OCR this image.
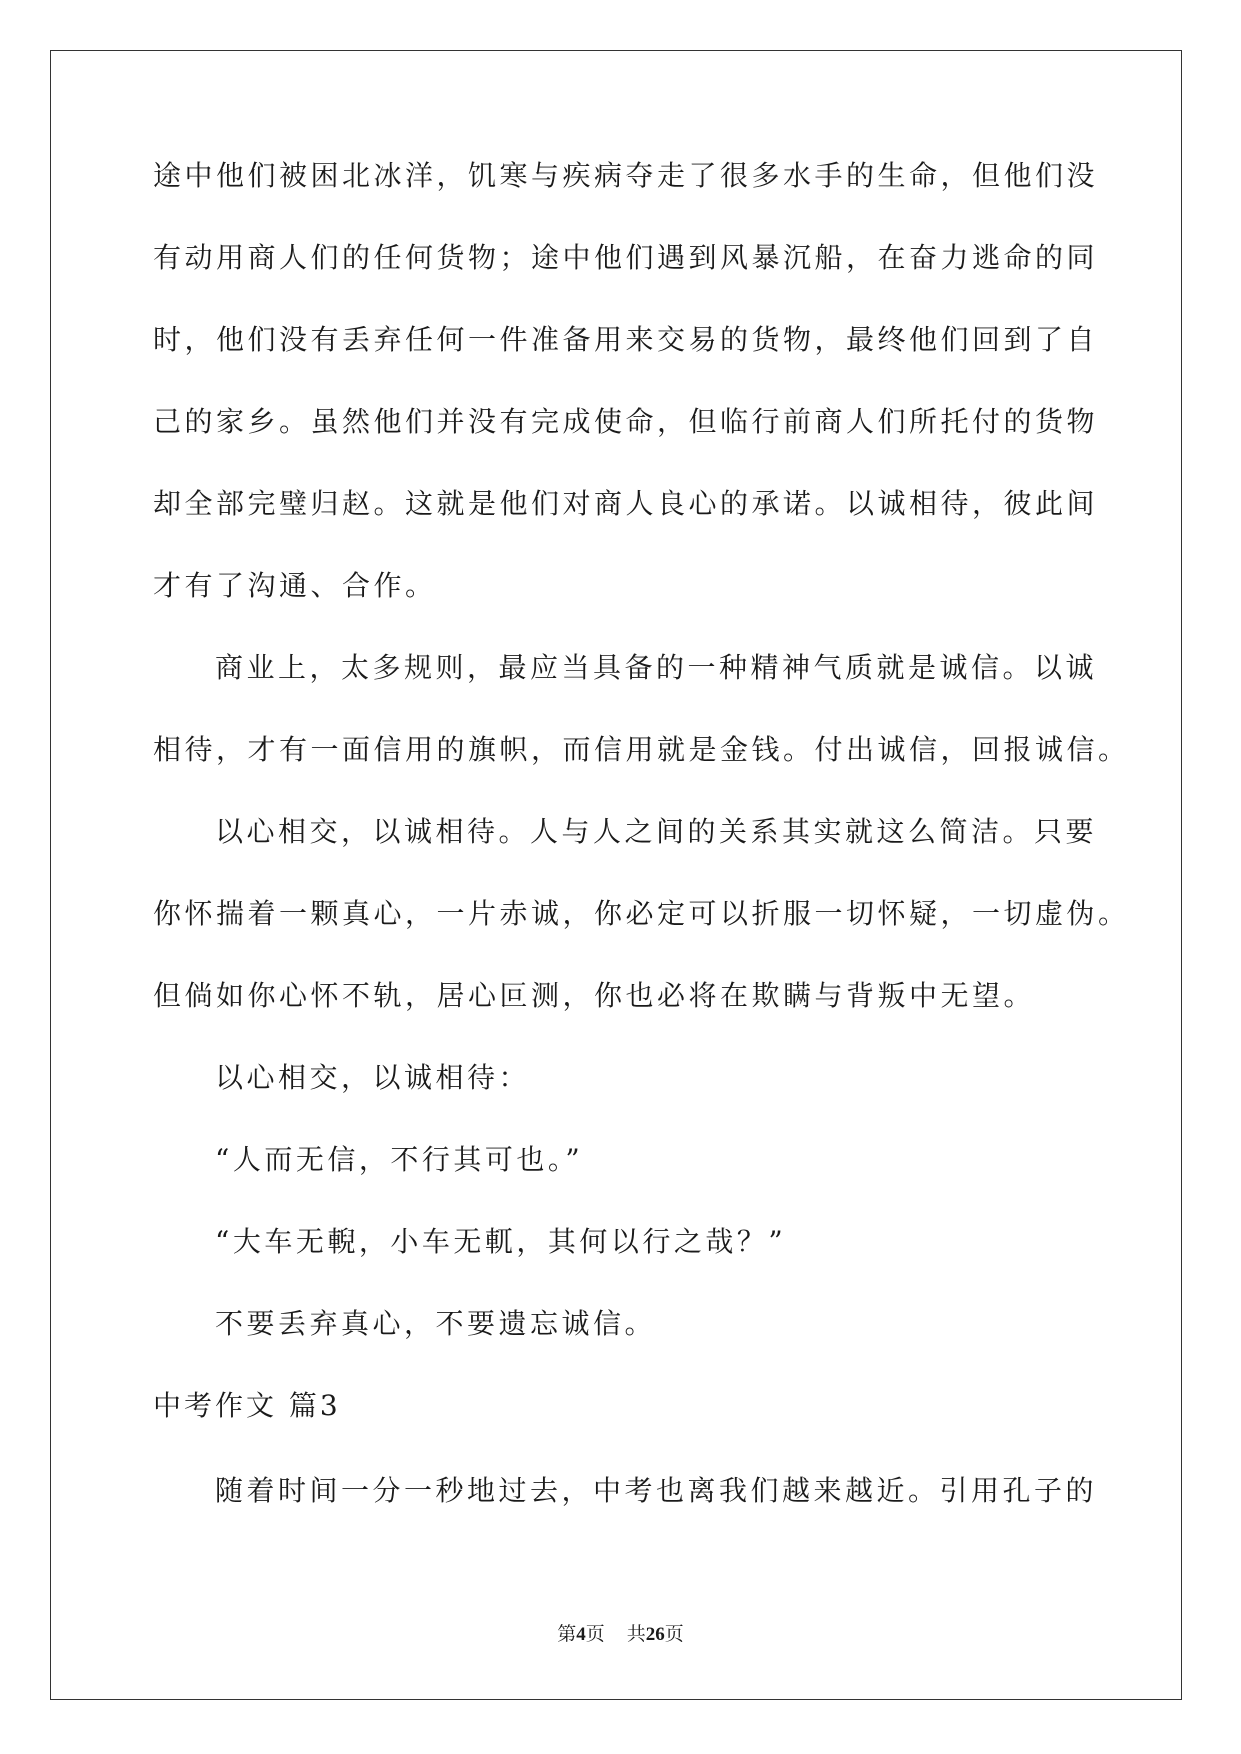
途中他们被困北冰洋，饥寒与疾病夺走了很多水手的生命，但他们没
有动用商人们的任何货物；途中他们遇到风暴沉船，在奋力逃命的同
时，他们没有丢弃任何一件准备用来交易的货物，最终他们回到了自
己的家乡。虽然他们并没有完成使命，但临行前商人们所托付的货物
却全部完璧归赵。这就是他们对商人良心的承诺。以诚相待，彼此间
才有了沟通、合作。
商业上，太多规则，最应当具备的一种精神气质就是诚信。以诚
相待，才有一面信用的旗帜，而信用就是金钱。付出诚信，回报诚信。
以心相交，以诚相待。人与人之间的关系其实就这么简洁。只要
你怀揣着一颗真心，一片赤诚，你必定可以折服一切怀疑，一切虚伪。
但倘如你心怀不轨，居心叵测，你也必将在欺瞒与背叛中无望。
以心相交，以诚相待：
“人而无信，不行其可也。”
“大车无輗，小车无軏，其何以行之哉？”
不要丢弃真心，不要遗忘诚信。
中考作文 篇3
随着时间一分一秒地过去，中考也离我们越来越近。引用孔子的
第4页 共26页
